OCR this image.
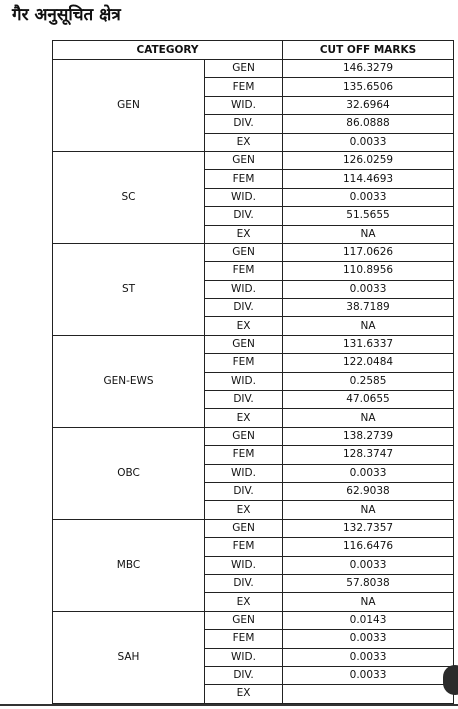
गैर अनुसूचित क्षेत्र
CATEGORY		CUT OFF MARKS
GEN	GEN	146.3279
	FEM	135.6506
	WID.	32.6964
	DIV.	86.0888
	EX	0.0033
SC	GEN	126.0259
	FEM	114.4693
	WID.	0.0033
	DIV.	51.5655
	EX	NA
ST	GEN	117.0626
	FEM	110.8956
	WID.	0.0033
	DIV.	38.7189
	EX	NA
GEN-EWS	GEN	131.6337
	FEM	122.0484
	WID.	0.2585
	DIV.	47.0655
	EX	NA
OBC	GEN	138.2739
	FEM	128.3747
	WID.	0.0033
	DIV.	62.9038
	EX	NA
MBC	GEN	132.7357
	FEM	116.6476
	WID.	0.0033
	DIV.	57.8038
	EX	NA
SAH	GEN	0.0143
	FEM	0.0033
	WID.	0.0033
	DIV.	0.0033
	EX	
